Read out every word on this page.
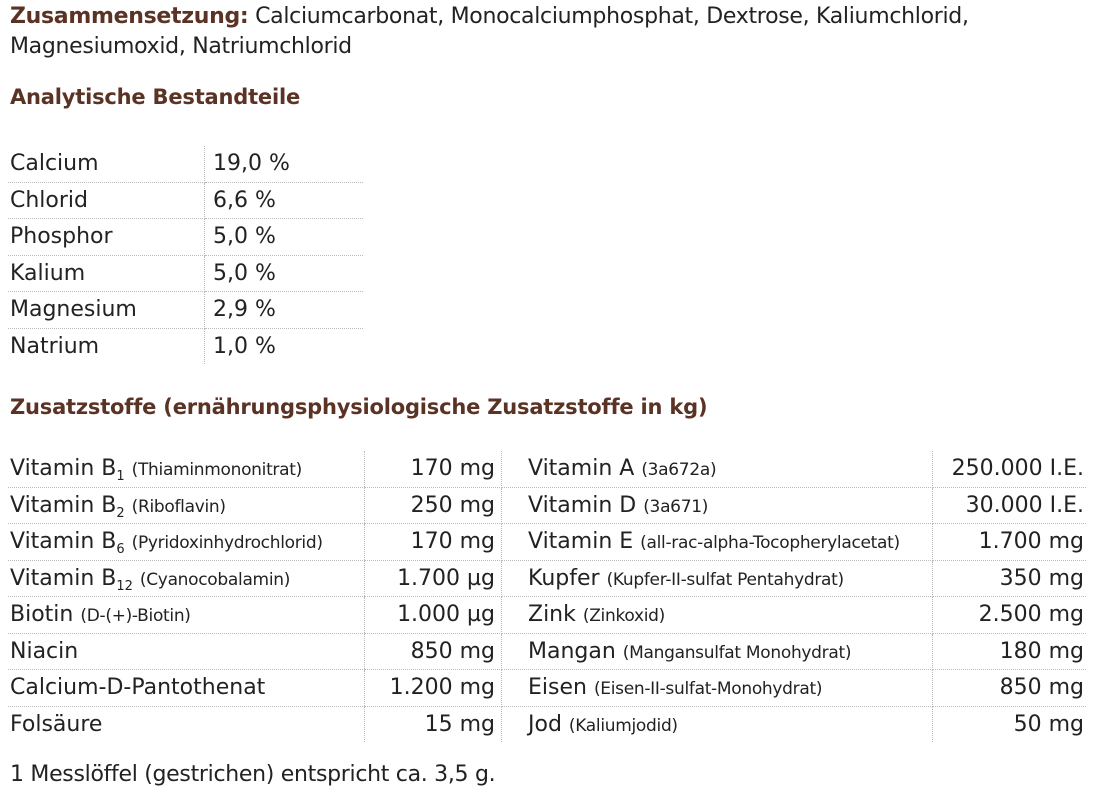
Zusammensetzung: Calciumcarbonat, Monocalciumphosphat, Dextrose, Kaliumchlorid, Magnesiumoxid, Natriumchlorid
Analytische Bestandteile
Calcium	19,0 %
Chlorid	6,6 %
Phosphor	5,0 %
Kalium	5,0 %
Magnesium	2,9 %
Natrium	1,0 %
Zusatzstoffe (ernährungsphysiologische Zusatzstoffe in kg)
Vitamin $B_1$ (Thiaminmononitrat)	170 mg	Vitamin A (3a672a)	250.000 I.E.
Vitamin $B_2$ (Riboflavin)	250 mg	Vitamin D (3a671)	30.000 I.E.
Vitamin $B_6$ (Pyridoxinhydrochlorid)	170 mg	Vitamin E (all-rac-alpha-Tocopherylacetat)	1.700 mg
Vitamin $B_{12}$ (Cyanocobalamin)	1.700 µg	Kupfer (Kupfer-II-sulfat Pentahydrat)	350 mg
Biotin (D-(+)-Biotin)	1.000 µg	Zink (Zinkoxid)	2.500 mg
Niacin	850 mg	Mangan (Mangansulfat Monohydrat)	180 mg
Calcium-D-Pantothenat	1.200 mg	Eisen (Eisen-II-sulfat-Monohydrat)	850 mg
Folsäure	15 mg	Jod (Kaliumjodid)	50 mg

1 Messlöffel (gestrichen) entspricht ca. 3,5 g.
